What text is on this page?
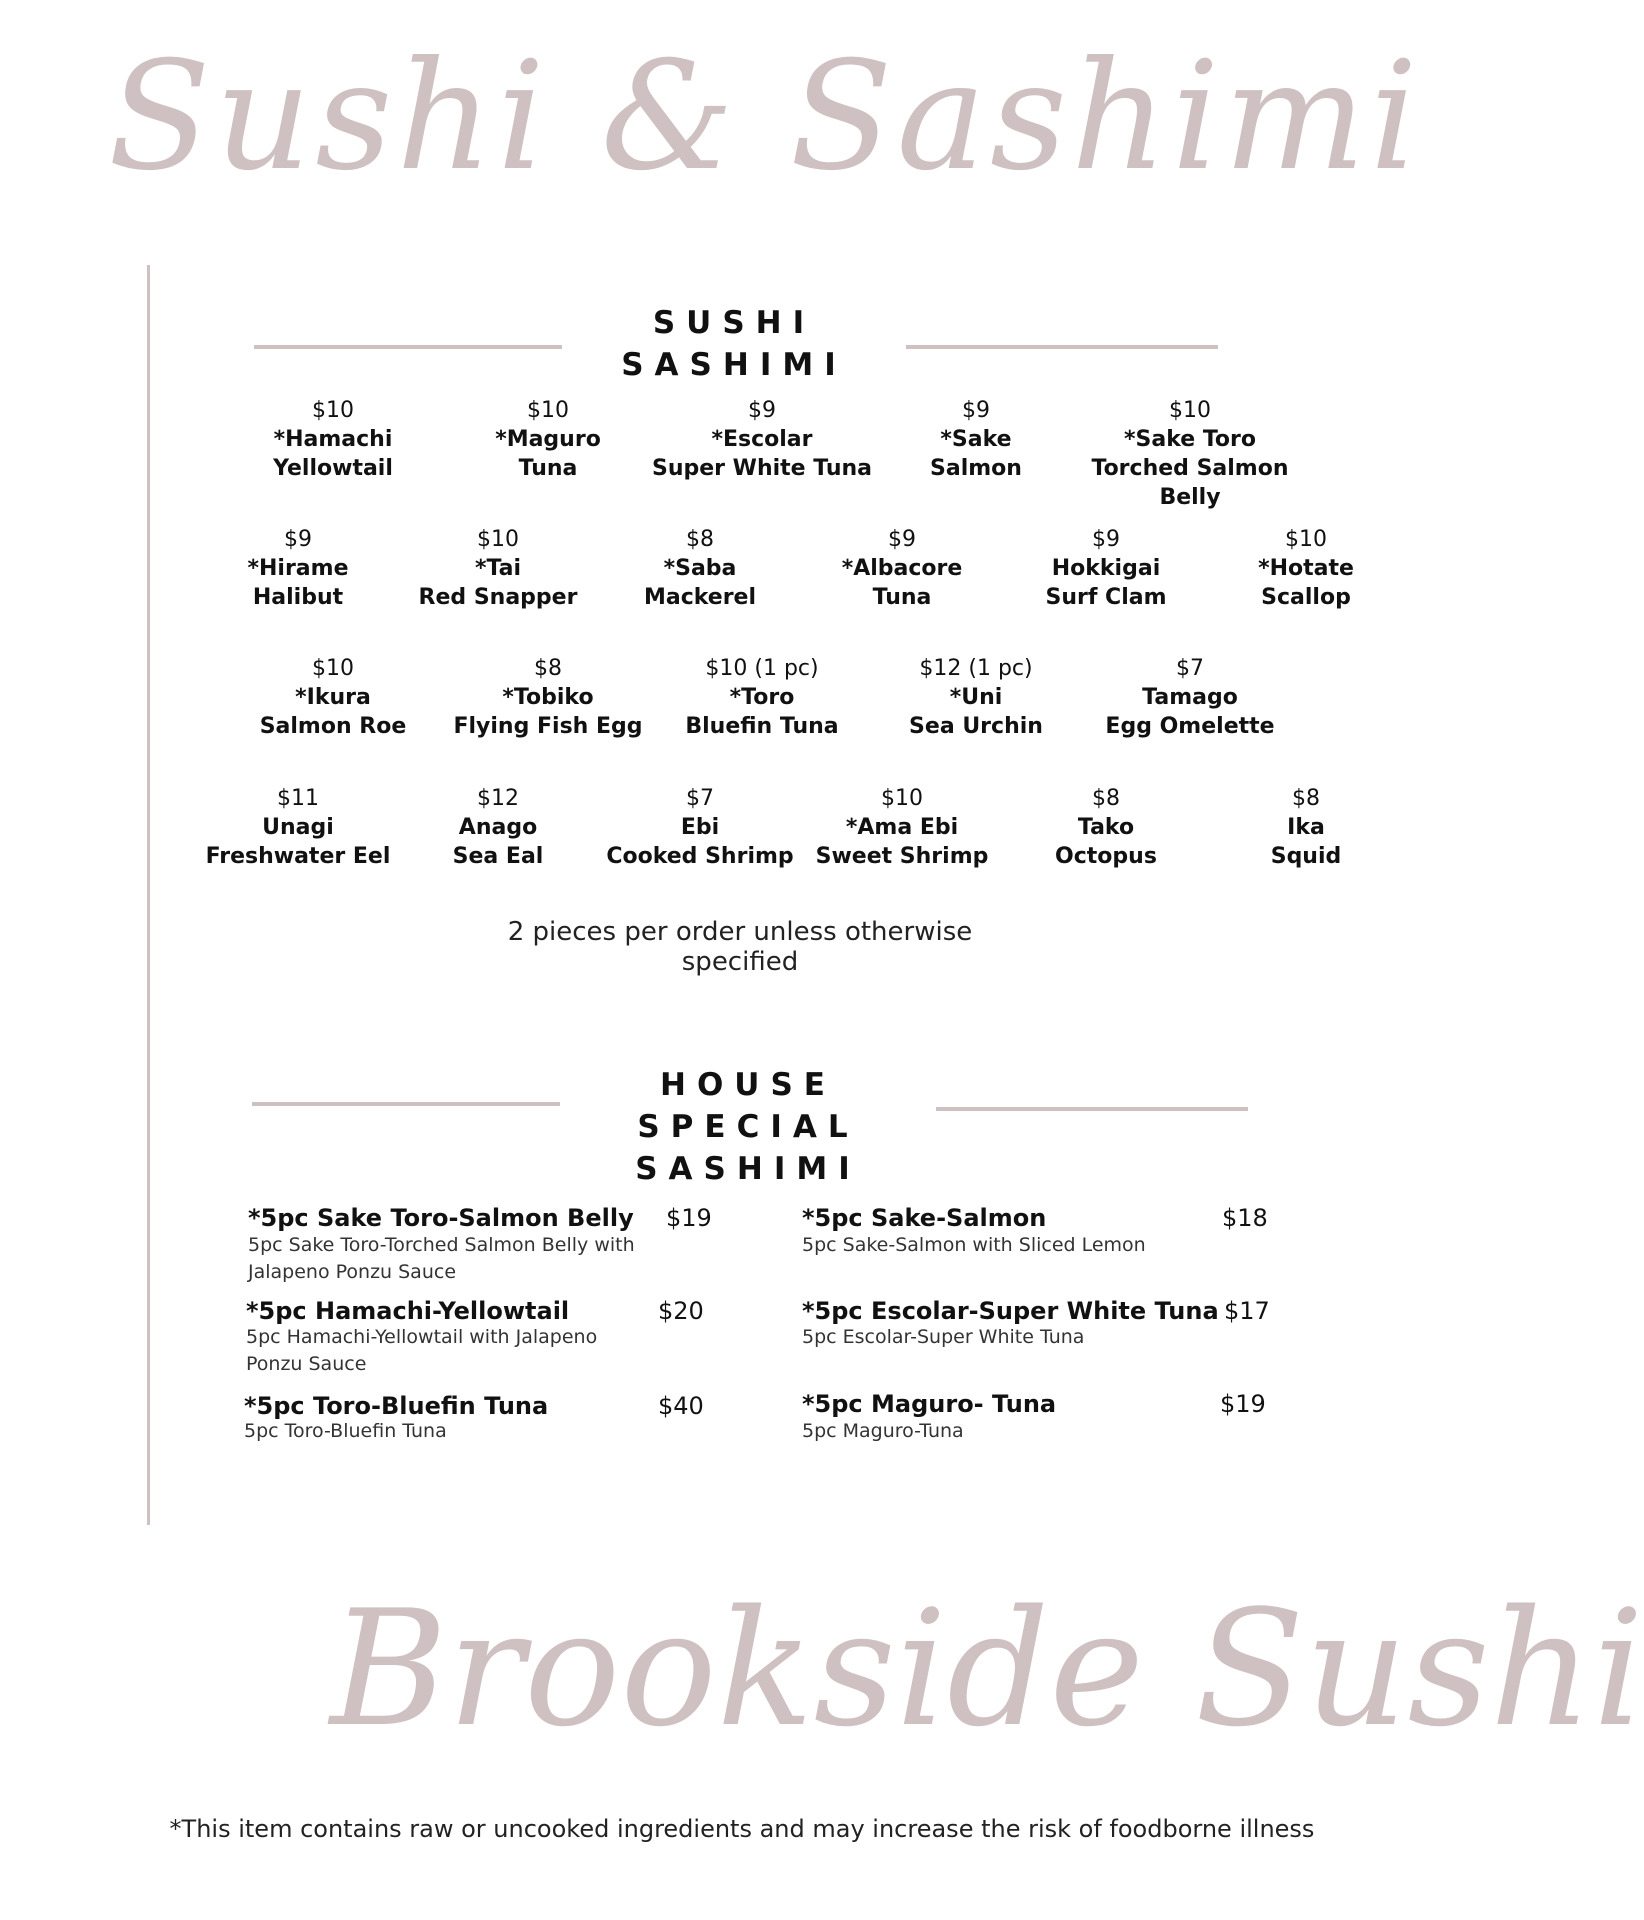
Sushi & Sashimi
SUSHI
SASHIMI
$10
*Hamachi
Yellowtail
$10
*Maguro
Tuna
$9
*Escolar
Super White Tuna
$9
*Sake
Salmon
$10
*Sake Toro
Torched Salmon Belly
$9
*Hirame
Halibut
$10
*Tai
Red Snapper
$8
*Saba
Mackerel
$9
*Albacore
Tuna
$9
Hokkigai
Surf Clam
$10
*Hotate
Scallop
$10
*Ikura
Salmon Roe
$8
*Tobiko
Flying Fish Egg
$10 (1 pc)
*Toro
Bluefin Tuna
$12 (1 pc)
*Uni
Sea Urchin
$7
Tamago
Egg Omelette
$11
Unagi
Freshwater Eel
$12
Anago
Sea Eal
$7
Ebi
Cooked Shrimp
$10
*Ama Ebi
Sweet Shrimp
$8
Tako
Octopus
$8
Ika
Squid
2 pieces per order unless otherwise specified
HOUSE SPECIAL
SASHIMI
*5pc Sake Toro-Salmon Belly $19
5pc Sake Toro-Torched Salmon Belly with Jalapeno Ponzu Sauce
*5pc Hamachi-Yellowtail	$20
5pc Hamachi-Yellowtail with Jalapeno Ponzu Sauce
*5pc Toro-Bluefin Tuna	$40
5pc Toro-Bluefin Tuna
*5pc Sake-Salmon	$18
5pc Sake-Salmon with Sliced Lemon
*5pc Escolar-Super White Tuna $17
5pc Escolar-Super White Tuna
*5pc Maguro- Tuna	$19
5pc Maguro-Tuna
Brookside Sushi
*This item contains raw or uncooked ingredients and may increase the risk of foodborne illness
